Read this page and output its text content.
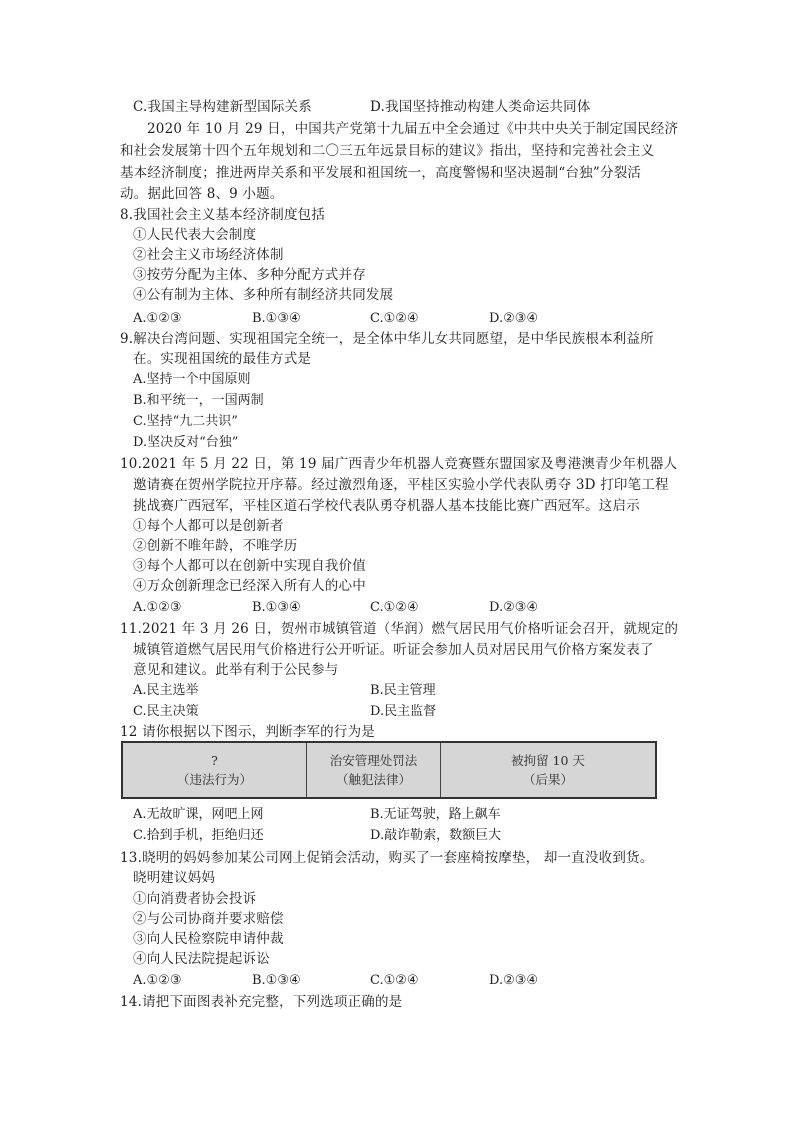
C.我国主导构建新型国际关系	D.我国坚持推动构建人类命运共同体
2020 年 10 月 29 日，中国共产党第十九届五中全会通过《中共中央关于制定国民经济
和社会发展第十四个五年规划和二〇三五年远景目标的建议》指出，坚持和完善社会主义
基本经济制度；推进两岸关系和平发展和祖国统一，高度警惕和坚决遏制“台独”分裂活
动。据此回答 8、9 小题。
8.我国社会主义基本经济制度包括
①人民代表大会制度
②社会主义市场经济体制
③按劳分配为主体、多种分配方式并存
④公有制为主体、多种所有制经济共同发展
A.①②③	B.①③④	C.①②④	D.②③④
9.解决台湾问题、实现祖国完全统一，是全体中华儿女共同愿望，是中华民族根本利益所
在。实现祖国统的最佳方式是
A.坚持一个中国原则
B.和平统一，一国两制
C.坚持“九二共识”
D.坚决反对“台独”
10.2021 年 5 月 22 日，第 19 届广西青少年机器人竞赛暨东盟国家及粤港澳青少年机器人
邀请赛在贺州学院拉开序幕。经过激烈角逐，平桂区实验小学代表队勇夺 3D 打印笔工程
挑战赛广西冠军，平桂区道石学校代表队勇夺机器人基本技能比赛广西冠军。这启示
①每个人都可以是创新者
②创新不唯年龄，不唯学历
③每个人都可以在创新中实现自我价值
④万众创新理念已经深入所有人的心中
A.①②③	B.①③④	C.①②④	D.②③④
11.2021 年 3 月 26 日，贺州市城镇管道（华润）燃气居民用气价格听证会召开，就规定的
城镇管道燃气居民用气价格进行公开听证。听证会参加人员对居民用气价格方案发表了
意见和建议。此举有利于公民参与
A.民主选举	B.民主管理
C.民主决策	D.民主监督
12 请你根据以下图示，判断李军的行为是
?
（违法行为）

治安管理处罚法
（触犯法律）

被拘留 10 天
（后果）
A.无故旷课，网吧上网	B.无证驾驶，路上飙车
C.拾到手机，拒绝归还	D.敲诈勒索，数额巨大
13.晓明的妈妈参加某公司网上促销会活动，购买了一套座椅按摩垫， 却一直没收到货。
晓明建议妈妈
①向消费者协会投诉
②与公司协商并要求赔偿
③向人民检察院申请仲裁
④向人民法院提起诉讼
A.①②③	B.①③④	C.①②④	D.②③④
14.请把下面图表补充完整，下列选项正确的是
